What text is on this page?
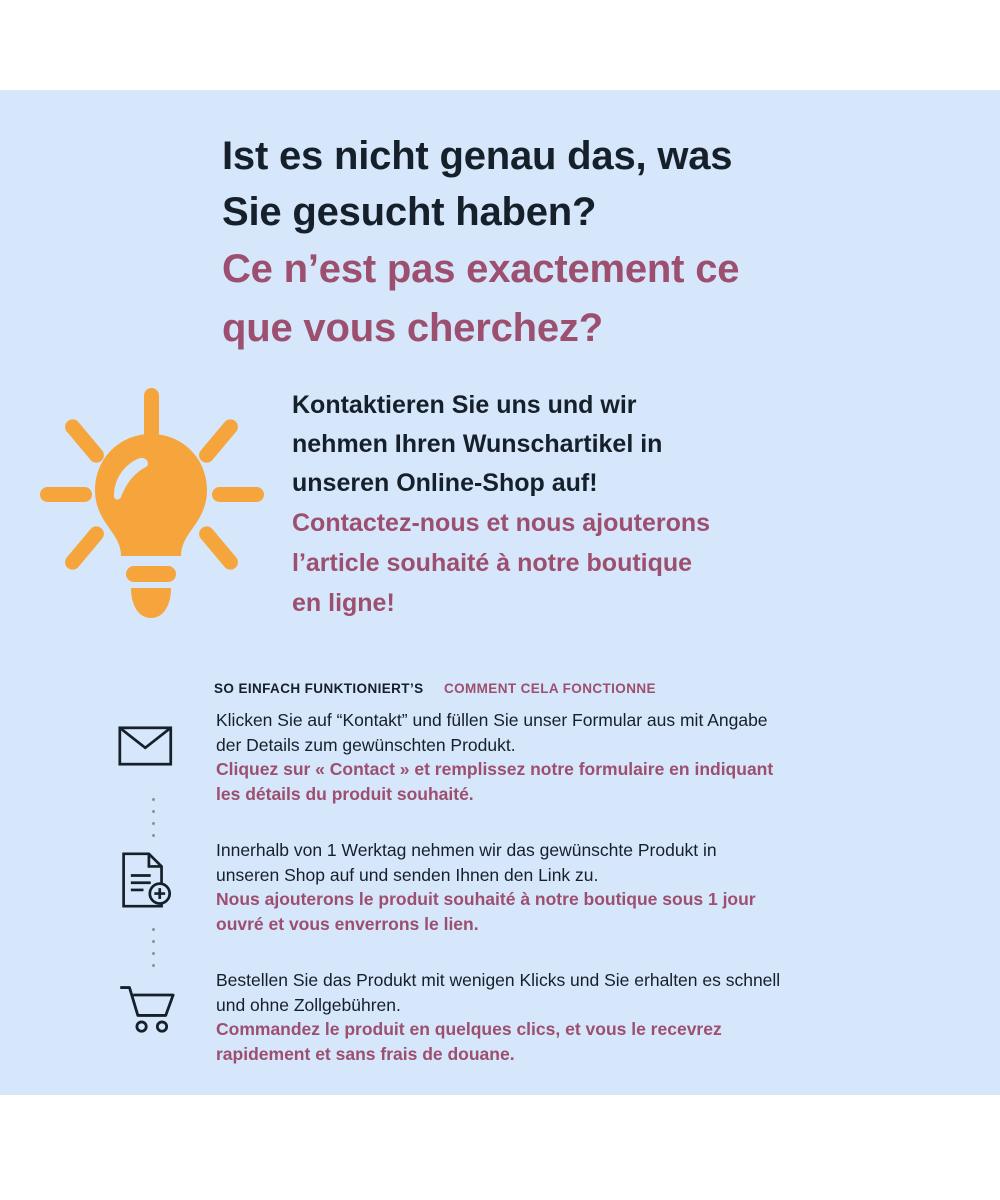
Ist es nicht genau das, was
Sie gesucht haben?
Ce n’est pas exactement ce
que vous cherchez?
Kontaktieren Sie uns und wir
nehmen Ihren Wunschartikel in
unseren Online-Shop auf!
Contactez-nous et nous ajouterons
l’article souhaité à notre boutique
en ligne!
SO EINFACH FUNKTIONIERT’S COMMENT CELA FONCTIONNE

Klicken Sie auf “Kontakt” und füllen Sie unser Formular aus mit Angabe

der Details zum gewünschten Produkt.

Cliquez sur « Contact » et remplissez notre formulaire en indiquant

les détails du produit souhaité.

Innerhalb von 1 Werktag nehmen wir das gewünschte Produkt in

unseren Shop auf und senden Ihnen den Link zu.

Nous ajouterons le produit souhaité à notre boutique sous 1 jour

ouvré et vous enverrons le lien.

Bestellen Sie das Produkt mit wenigen Klicks und Sie erhalten es schnell

und ohne Zollgebühren.

Commandez le produit en quelques clics, et vous le recevrez

rapidement et sans frais de douane.
